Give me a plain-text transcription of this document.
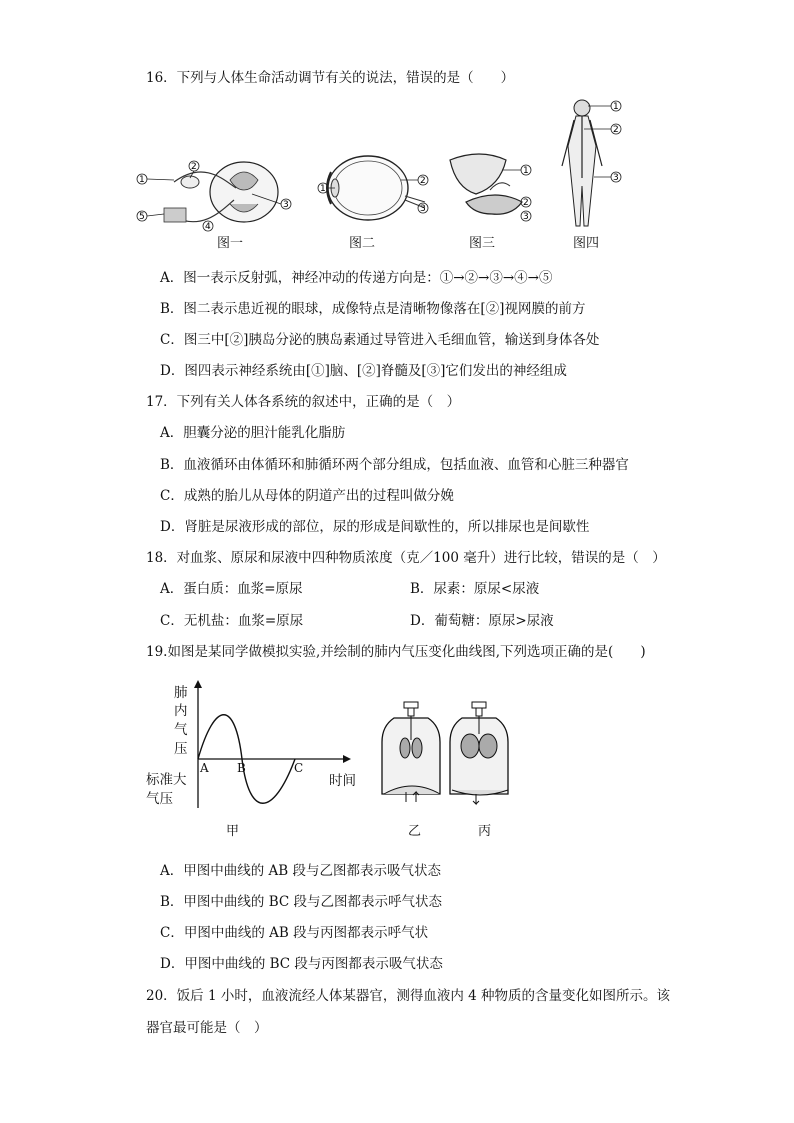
16．下列与人体生命活动调节有关的说法，错误的是（　　）
1
2
3
4
5
图一
1
2
3
图二
1
2
3
图三
1
2
3
图四
A．图一表示反射弧，神经冲动的传递方向是：①→②→③→④→⑤
B．图二表示患近视的眼球，成像特点是清晰物像落在[②]视网膜的前方
C．图三中[②]胰岛分泌的胰岛素通过导管进入毛细血管，输送到身体各处
D．图四表示神经系统由[①]脑、[②]脊髓及[③]它们发出的神经组成
17．下列有关人体各系统的叙述中，正确的是（　）
A．胆囊分泌的胆汁能乳化脂肪
B．血液循环由体循环和肺循环两个部分组成，包括血液、血管和心脏三种器官
C．成熟的胎儿从母体的阴道产出的过程叫做分娩
D．肾脏是尿液形成的部位，尿的形成是间歇性的，所以排尿也是间歇性
18．对血浆、原尿和尿液中四种物质浓度（克／100 毫升）进行比较，错误的是（　）
A．蛋白质：血浆=原尿	B．尿素：原尿<尿液
C．无机盐：血浆=原尿	D．葡萄糖：原尿>尿液
19.如图是某同学做模拟实验,并绘制的肺内气压变化曲线图,下列选项正确的是(　　)
肺
内
气
压
标准大
气压
时间
A B	C
甲	乙	丙
A．甲图中曲线的 AB 段与乙图都表示吸气状态
B．甲图中曲线的 BC 段与乙图都表示呼气状态
C．甲图中曲线的 AB 段与丙图都表示呼气状
D．甲图中曲线的 BC 段与丙图都表示吸气状态
20．饭后 1 小时，血液流经人体某器官，测得血液内 4 种物质的含量变化如图所示。该
器官最可能是（　）
